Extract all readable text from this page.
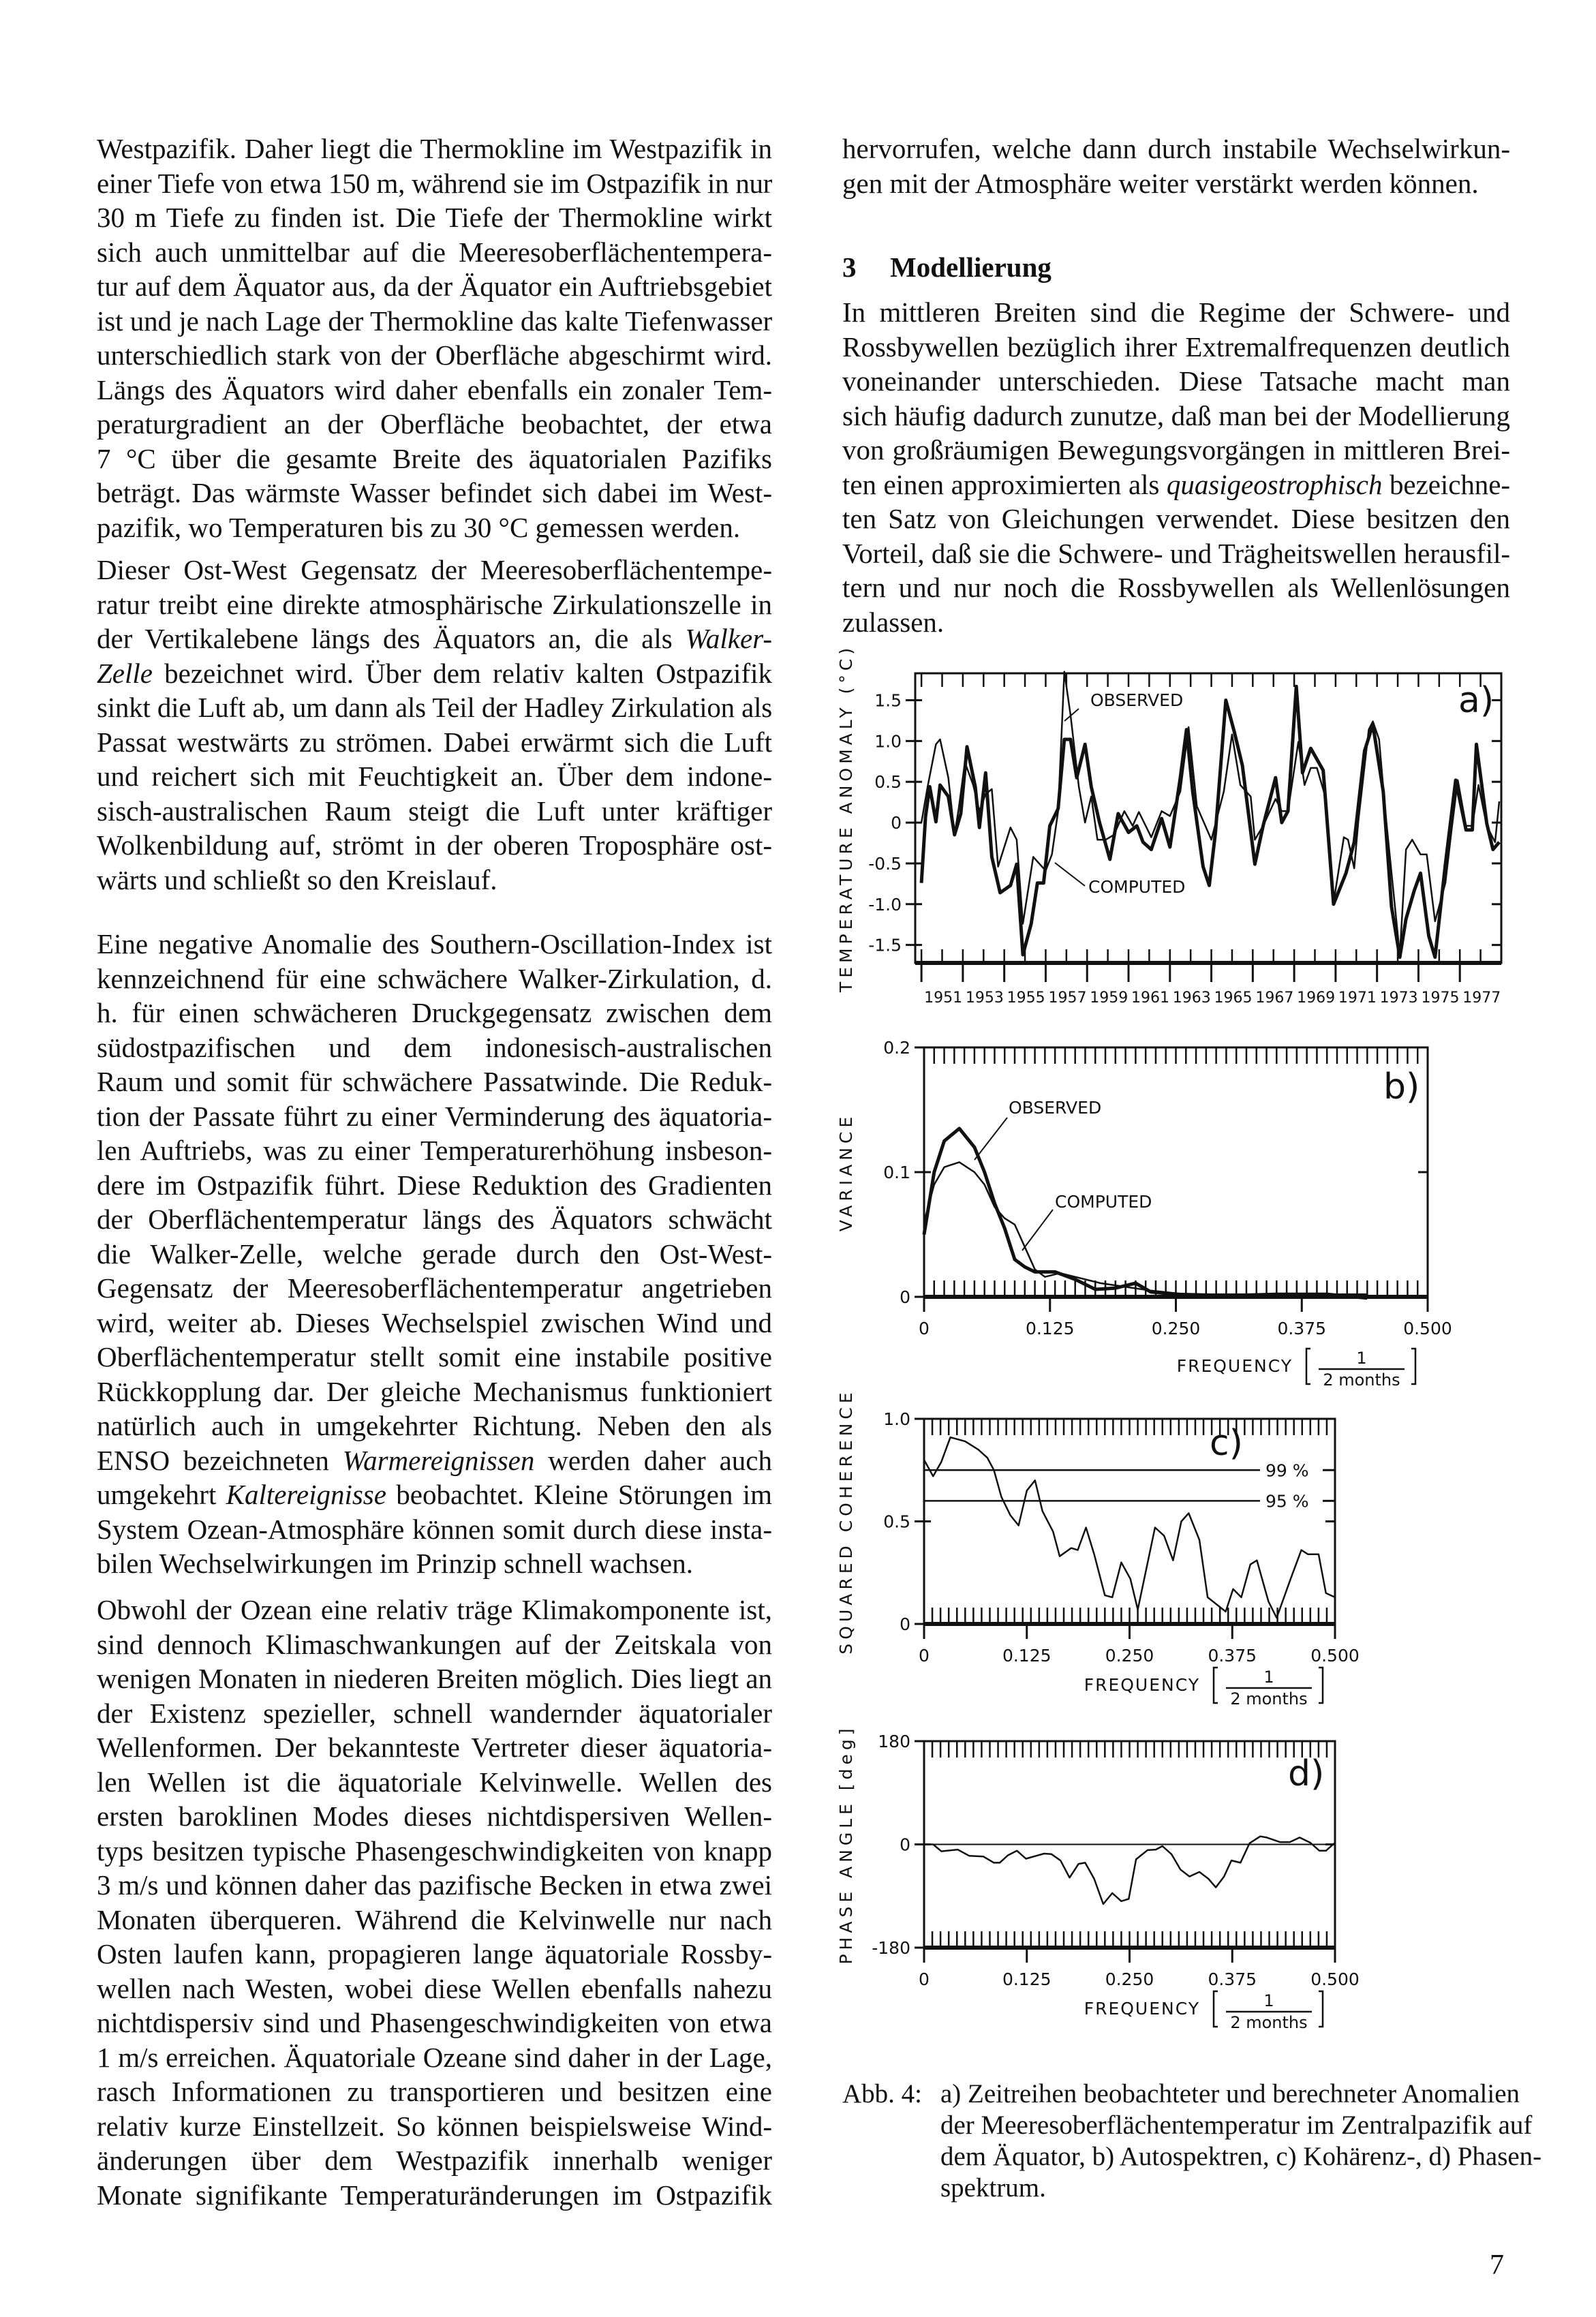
Westpazifik. Daher liegt die Thermokline im Westpazifik in
einer Tiefe von etwa 150 m, während sie im Ostpazifik in nur
30 m Tiefe zu finden ist. Die Tiefe der Thermokline wirkt
sich auch unmittelbar auf die Meeresoberflächentempera-
tur auf dem Äquator aus, da der Äquator ein Auftriebsgebiet
ist und je nach Lage der Thermokline das kalte Tiefenwasser
unterschiedlich stark von der Oberfläche abgeschirmt wird.
Längs des Äquators wird daher ebenfalls ein zonaler Tem-
peraturgradient an der Oberfläche beobachtet, der etwa
7 °C über die gesamte Breite des äquatorialen Pazifiks
beträgt. Das wärmste Wasser befindet sich dabei im West-
pazifik, wo Temperaturen bis zu 30 °C gemessen werden.
Dieser Ost-West Gegensatz der Meeresoberflächentempe-
ratur treibt eine direkte atmosphärische Zirkulationszelle in
der Vertikalebene längs des Äquators an, die als Walker-
Zelle bezeichnet wird. Über dem relativ kalten Ostpazifik
sinkt die Luft ab, um dann als Teil der Hadley Zirkulation als
Passat westwärts zu strömen. Dabei erwärmt sich die Luft
und reichert sich mit Feuchtigkeit an. Über dem indone-
sisch-australischen Raum steigt die Luft unter kräftiger
Wolkenbildung auf, strömt in der oberen Troposphäre ost-
wärts und schließt so den Kreislauf.
Eine negative Anomalie des Southern-Oscillation-Index ist
kennzeichnend für eine schwächere Walker-Zirkulation, d.
h. für einen schwächeren Druckgegensatz zwischen dem
südostpazifischen und dem indonesisch-australischen
Raum und somit für schwächere Passatwinde. Die Reduk-
tion der Passate führt zu einer Verminderung des äquatoria-
len Auftriebs, was zu einer Temperaturerhöhung insbeson-
dere im Ostpazifik führt. Diese Reduktion des Gradienten
der Oberflächentemperatur längs des Äquators schwächt
die Walker-Zelle, welche gerade durch den Ost-West-
Gegensatz der Meeresoberflächentemperatur angetrieben
wird, weiter ab. Dieses Wechselspiel zwischen Wind und
Oberflächentemperatur stellt somit eine instabile positive
Rückkopplung dar. Der gleiche Mechanismus funktioniert
natürlich auch in umgekehrter Richtung. Neben den als
ENSO bezeichneten Warmereignissen werden daher auch
umgekehrt Kaltereignisse beobachtet. Kleine Störungen im
System Ozean-Atmosphäre können somit durch diese insta-
bilen Wechselwirkungen im Prinzip schnell wachsen.
Obwohl der Ozean eine relativ träge Klimakomponente ist,
sind dennoch Klimaschwankungen auf der Zeitskala von
wenigen Monaten in niederen Breiten möglich. Dies liegt an
der Existenz spezieller, schnell wandernder äquatorialer
Wellenformen. Der bekannteste Vertreter dieser äquatoria-
len Wellen ist die äquatoriale Kelvinwelle. Wellen des
ersten baroklinen Modes dieses nichtdispersiven Wellen-
typs besitzen typische Phasengeschwindigkeiten von knapp
3 m/s und können daher das pazifische Becken in etwa zwei
Monaten überqueren. Während die Kelvinwelle nur nach
Osten laufen kann, propagieren lange äquatoriale Rossby-
wellen nach Westen, wobei diese Wellen ebenfalls nahezu
nichtdispersiv sind und Phasengeschwindigkeiten von etwa
1 m/s erreichen. Äquatoriale Ozeane sind daher in der Lage,
rasch Informationen zu transportieren und besitzen eine
relativ kurze Einstellzeit. So können beispielsweise Wind-
änderungen über dem Westpazifik innerhalb weniger
Monate signifikante Temperaturänderungen im Ostpazifik
hervorrufen, welche dann durch instabile Wechselwirkun-
gen mit der Atmosphäre weiter verstärkt werden können.
3 Modellierung
In mittleren Breiten sind die Regime der Schwere- und
Rossbywellen bezüglich ihrer Extremalfrequenzen deutlich
voneinander unterschieden. Diese Tatsache macht man
sich häufig dadurch zunutze, daß man bei der Modellierung
von großräumigen Bewegungsvorgängen in mittleren Brei-
ten einen approximierten als quasigeostrophisch bezeichne-
ten Satz von Gleichungen verwendet. Diese besitzen den
Vorteil, daß sie die Schwere- und Trägheitswellen herausfil-
tern und nur noch die Rossbywellen als Wellenlösungen
zulassen.
1951 1953 1955 1957 1959 1961 1963 1965 1967 1969 1971 1973 1975 1977
1.5
1.0
0.5
0
-0.5
-1.0
-1.5
TEMPERATURE ANOMALY (°C)	a)
OBSERVED
COMPUTED
0	0.125	0.250	0.375	0.500
0.2
0.1
0
VARIANCE
b)
OBSERVED
COMPUTED
FREQUENCY	1
2 months
0	0.125	0.250	0.375	0.500
1.0
0.5
0
SQUARED COHERENCE	c)
99 %
95 %
FREQUENCY	1
2 months
0	0.125	0.250	0.375	0.500
180
0
-180
PHASE ANGLE [deg]	d)
FREQUENCY	1
2 months
Abb. 4: a) Zeitreihen beobachteter und berechneter Anomalien
der Meeresoberflächentemperatur im Zentralpazifik auf
dem Äquator, b) Autospektren, c) Kohärenz-, d) Phasen-
spektrum.
7
